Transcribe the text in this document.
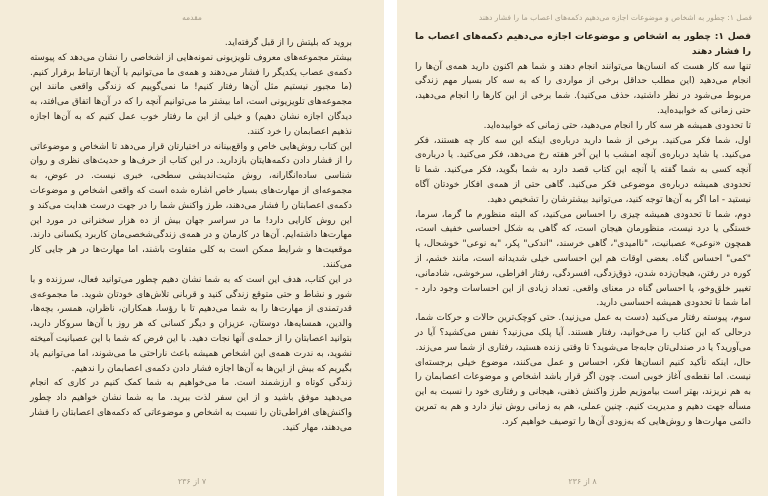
مقدمه

بروید که بلیتش را از قبل گرفته‌اید.

بیشتر مجموعه‌های معروف تلویزیونی نمونه‌هایی از اشخاصی را نشان می‌دهد که پیوسته دکمه‌ی عصاب یکدیگر را فشار می‌دهند و همه‌ی ما می‌توانیم با آن‌ها ارتباط برقرار کنیم. (ما مجبور نیستیم مثل آن‌ها رفتار کنیم! ما نمی‌گوییم که زندگی واقعی مانند این مجموعه‌های تلویزیونی است، اما بیشتر ما می‌توانیم آنچه را که در آن‌ها اتفاق می‌افتد، به دیدگان اجازه نشان دهیم) و خیلی از این ما رفتار خوب عمل کنیم که به آن‌ها اجازه نذهیم اعصابمان را خرد کنند.

این کتاب روش‌هایی خاص و واقع‌بینانه در اختیارتان قرار می‌دهد تا اشخاص و موضوعاتی را از فشار دادن دکمه‌هایتان بازدارید. در این کتاب از حرف‌ها و حدیث‌های نظری و روان شناسی ساده‌انگارانه، روش مثبت‌اندیشی سطحی، خبری نیست. در عوض، به مجموعه‌ای از مهارت‌های بسیار خاص اشاره شده است که واقعی اشخاص و موضوعات دکمه‌ی اعصابتان را فشار می‌دهند، طرز واکنش شما را در جهت درست هدایت می‌کند و این روش کارایی دارد! ما در سراسر جهان بیش از ده هزار سخنرانی در مورد این مهارت‌ها داشته‌ایم. آن‌ها در کارمان و در همه‌ی زندگی‌شخصی‌مان کاربرد یکسانی دارند. موقعیت‌ها و شرایط ممکن است به کلی متفاوت باشند، اما مهارت‌ها در هر جایی کار می‌کنند.

در این کتاب، هدف این است که به شما نشان دهیم چطور می‌توانید فعال، سرزنده و با شور و نشاط و حتی متوقع زندگی کنید و قربانی تلاش‌های خودتان شوید. ما مجموعه‌ی قدرتمندی از مهارت‌ها را به شما می‌دهیم تا با رؤسا، همکاران، ناظران، همسر، بچه‌ها، والدین، همسایه‌ها، دوستان، عزیزان و دیگر کسانی که هر روز با آن‌ها سروکار دارید، بتوانید اعصابتان را از حمله‌ی آنها نجات دهید. با این فرض که شما با این عصبانیت آمیخته نشوید، به ندرت همه‌ی این اشخاص همیشه باعث ناراحتی ما می‌شوند، اما می‌توانیم یاد بگیریم که بیش از این‌ها به آن‌ها اجازه فشار دادن دکمه‌ی اعصابمان را ندهیم.

زندگی کوتاه و ارزشمند است. ما می‌خواهیم به شما کمک کنیم در کاری که انجام می‌دهید موفق باشید و از این سفر لذت ببرید. ما به شما نشان خواهیم داد چطور واکنش‌های افراطی‌تان را نسبت به اشخاص و موضوعاتی که دکمه‌های اعصابتان را فشار می‌دهند، مهار کنید.

۷ از ۲۳۶
فصل ۱: چطور به اشخاص و موضوعات اجازه می‌دهیم دکمه‌های اعصاب ما را فشار دهند

فصل ۱: چطور به اشخاص و موضوعات اجازه می‌دهیم دکمه‌های اعصاب ما را فشار دهند

تنها سه کار هست که انسان‌ها می‌توانند انجام دهند و شما هم اکنون دارید همه‌ی آن‌ها را انجام می‌دهید (این مطلب حداقل برخی از مواردی را که به سه کار بسیار مهم زندگی مربوط می‌شود در نظر داشتید، حذف می‌کنید). شما برخی از این کارها را انجام می‌دهید، حتی زمانی که خوابیده‌اید.

تا تحدودی همیشه هر سه کار را انجام می‌دهید، حتی زمانی که خوابیده‌اید.

اول، شما فکر می‌کنید. برخی از شما دارید درباره‌ی اینکه این سه کار چه هستند، فکر می‌کنید. یا شاید درباره‌ی آنچه امشب با این آخر هفته رخ می‌دهد، فکر می‌کنید. یا درباره‌ی آنچه کسی به شما گفته یا آنچه این کتاب قصد دارد به شما بگوید، فکر می‌کنید. شما تا تحدودی همیشه درباره‌ی موضوعی فکر می‌کنید. گاهی حتی از همه‌ی افکار خودتان آگاه نیستید - اما اگر به آن‌ها توجه کنید، می‌توانید بیشترشان را تشخیص دهید.

دوم، شما تا تحدودی همیشه چیزی را احساس می‌کنید، که البته منظورم ما گرما، سرما، خستگی یا درد نیست، منظورمان هیجان است، که گاهی به شکل احساسی خفیف است، همچون «نوعی» عصبانیت، "ناامیدی"، گاهی خرسند، "اندکی" پکر، "به نوعی" خوشحال، یا "کمی" احساس گناه. بعضی اوقات هم این احساسی خیلی شدیدانه است، مانند خشم، از کوره در رفتن، هیجان‌زده شدن، ذوق‌زدگی، افسردگی، رفتار افراطی، سرخوشی، شادمانی، تغییر خلق‌وخو، یا احساس گناه در معنای واقعی. تعداد زیادی از این احساسات وجود دارد - اما شما تا تحدودی همیشه احساسی دارید.

سوم، پیوسته رفتار می‌کنید (دست به عمل می‌زنید). حتی کوچک‌ترین حالات و حرکات شما، درحالی که این کتاب را می‌خوانید، رفتار هستند. آیا پلک می‌زنید؟ نفس می‌کشید؟ آیا در می‌آورید؟ یا در صندلی‌تان جابه‌جا می‌شوید؟ تا وقتی زنده هستید، رفتاری از شما سر می‌زند.

حال، اینکه تأکید کنیم انسان‌ها فکر، احساس و عمل می‌کنند، موضوع خیلی برجسته‌ای نیست. اما نقطه‌ی آغاز خوبی است. چون اگر قرار باشد اشخاص و موضوعات اعصابمان را به هم نریزند، بهتر است بیاموزیم طرز واکنش ذهنی، هیجانی و رفتاری خود را نسبت به این مسأله جهت دهیم و مدیریت کنیم. چنین عملی، هم به زمانی روش نیاز دارد و هم به تمرین دائمی مهارت‌ها و روش‌هایی که به‌زودی آن‌ها را توصیف خواهیم کرد.

۸ از ۲۳۶
